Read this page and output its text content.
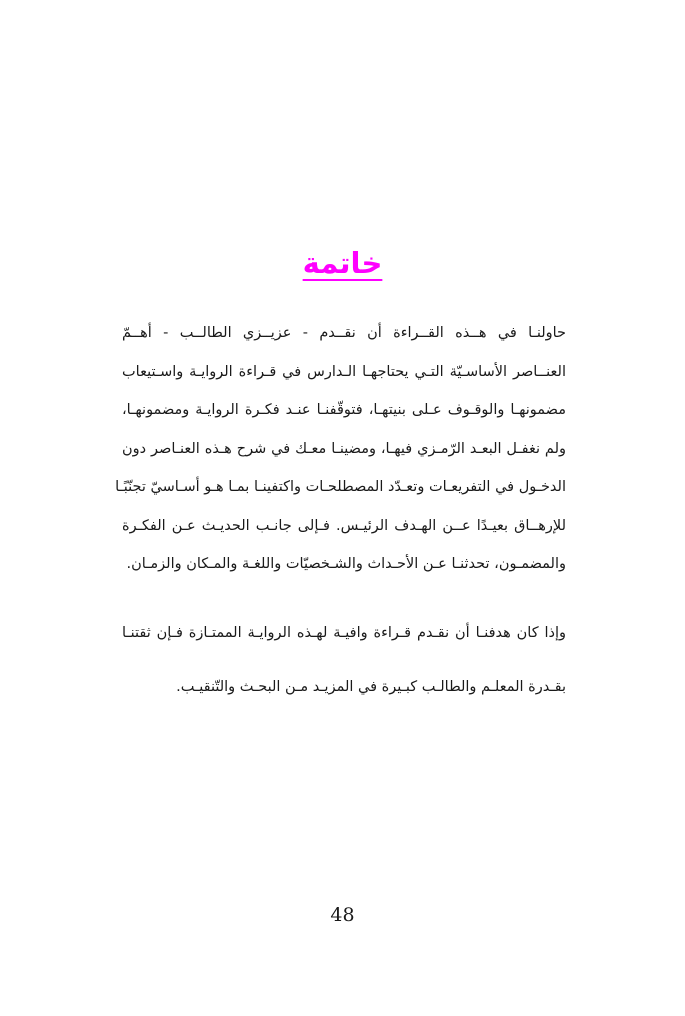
خاتمة
حاولنـا في هــذه القــراءة أن نقــدم - عزيــزي الطالــب - أهــمّ
العنــاصر الأساسـيّة التـي يحتاجهـا الـدارس في قـراءة الروايـة واسـتيعاب
مضمونهـا والوقـوف عـلى بنيتهـا، فتوقّفنـا عنـد فكـرة الروايـة ومضمونهـا،
ولم نغفـل البعـد الرّمـزي فيهـا، ومضينـا معـك في شرح هـذه العنـاصر دون
الدخـول في التفريعـات وتعـدّد المصطلحـات واكتفينـا بمـا هـو أسـاسيّ تجنّبًـا
للإرهــاق بعيـدًا عــن الهـدف الرئيـس. فـإلى جانـب الحديـث عـن الفكـرة
والمضمـون، تحدثنـا عـن الأحـداث والشـخصيّات واللغـة والمـكان والزمـان.
وإذا كان هدفنـا أن نقـدم قـراءة وافيـة لهـذه الروايـة الممتـازة فـإن ثقتنـا
بقـدرة المعلـم والطالـب كبـيرة في المزيـد مـن البحـث والتّنقيـب.
48
